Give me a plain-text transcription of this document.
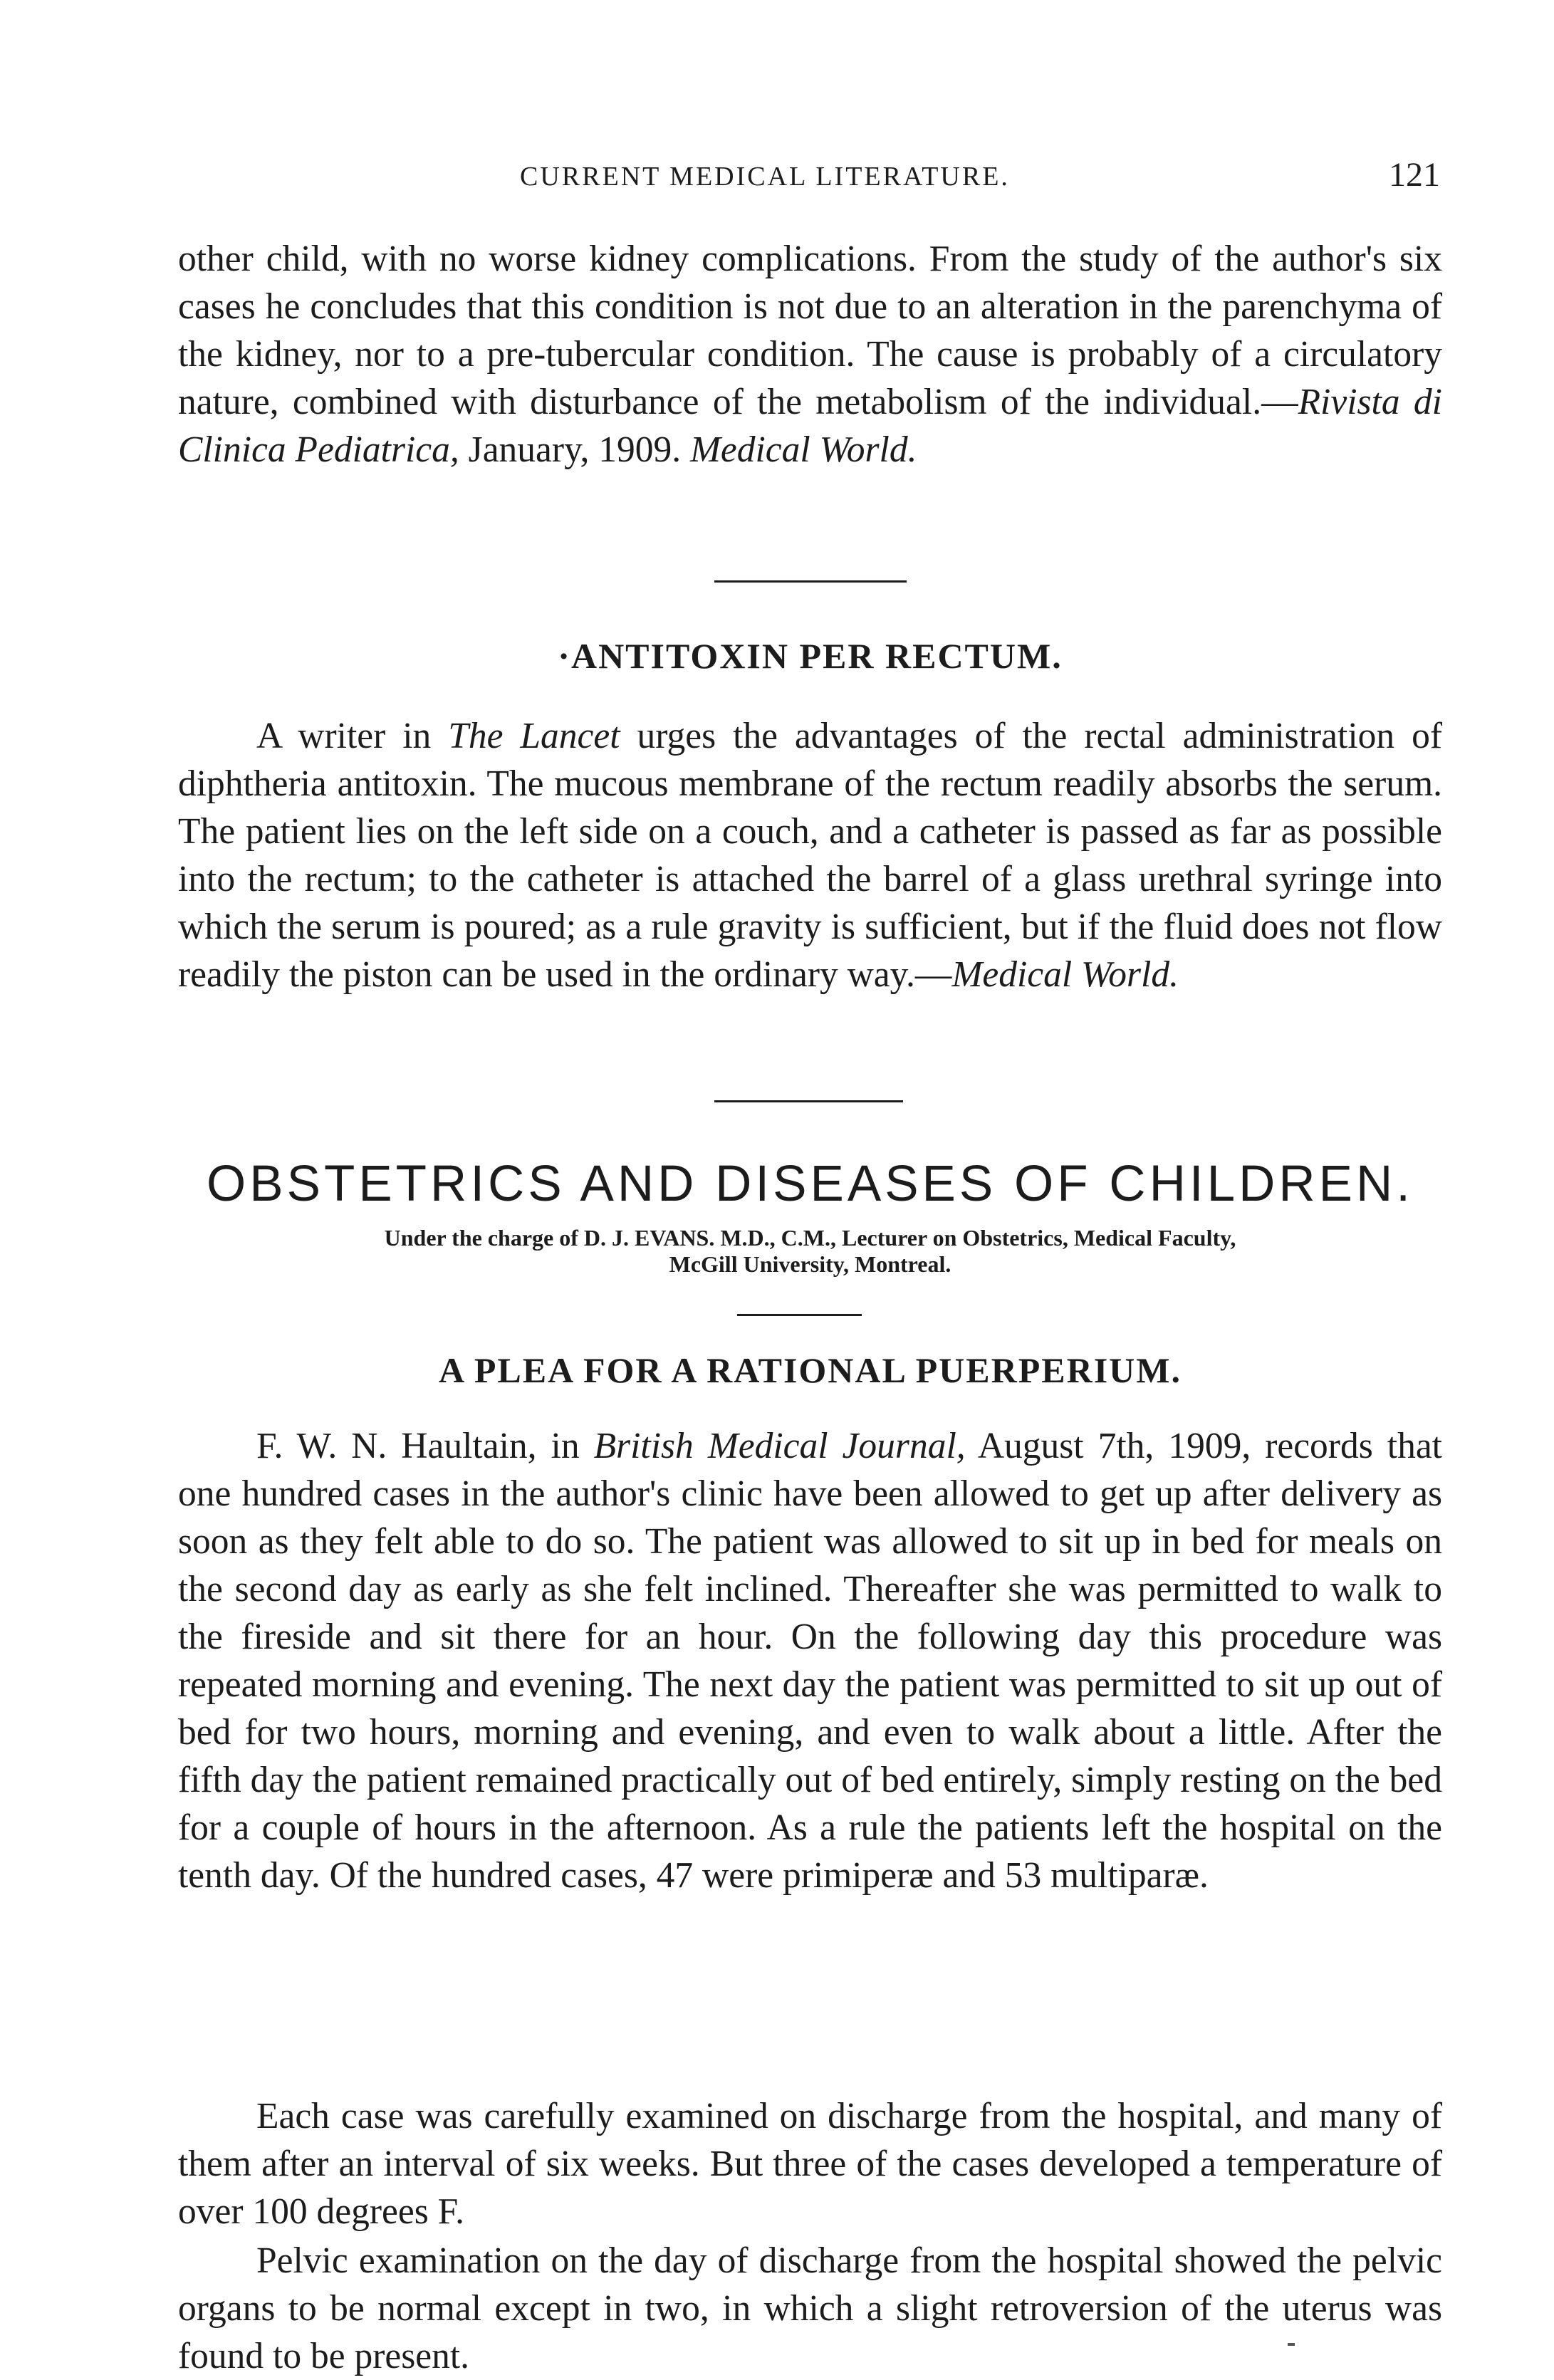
CURRENT MEDICAL LITERATURE.	121

other child, with no worse kidney complications. From the study of the author's six cases he concludes that this condition is not due to an alteration in the parenchyma of the kidney, nor to a pre-tubercular condition. The cause is probably of a circulatory nature, combined with disturbance of the metabolism of the individual.—Rivista di Clinica Pediatrica, January, 1909. Medical World.

·ANTITOXIN PER RECTUM.

A writer in The Lancet urges the advantages of the rectal administration of diphtheria antitoxin. The mucous membrane of the rectum readily absorbs the serum. The patient lies on the left side on a couch, and a catheter is passed as far as possible into the rectum; to the catheter is attached the barrel of a glass urethral syringe into which the serum is poured; as a rule gravity is sufficient, but if the fluid does not flow readily the piston can be used in the ordinary way.—Medical World.

OBSTETRICS AND DISEASES OF CHILDREN.

Under the charge of D. J. EVANS. M.D., C.M., Lecturer on Obstetrics, Medical Faculty,

McGill University, Montreal.

A PLEA FOR A RATIONAL PUERPERIUM.

F. W. N. Haultain, in British Medical Journal, August 7th, 1909, records that one hundred cases in the author's clinic have been allowed to get up after delivery as soon as they felt able to do so. The patient was allowed to sit up in bed for meals on the second day as early as she felt inclined. Thereafter she was permitted to walk to the fireside and sit there for an hour. On the following day this procedure was repeated morning and evening. The next day the patient was permitted to sit up out of bed for two hours, morning and evening, and even to walk about a little. After the fifth day the patient remained practically out of bed entirely, simply resting on the bed for a couple of hours in the afternoon. As a rule the patients left the hospital on the tenth day. Of the hundred cases, 47 were primiperæ and 53 multiparæ.

Each case was carefully examined on discharge from the hospital, and many of them after an interval of six weeks. But three of the cases developed a temperature of over 100 degrees F.

Pelvic examination on the day of discharge from the hospital showed the pelvic organs to be normal except in two, in which a slight retroversion of the uterus was found to be present.
